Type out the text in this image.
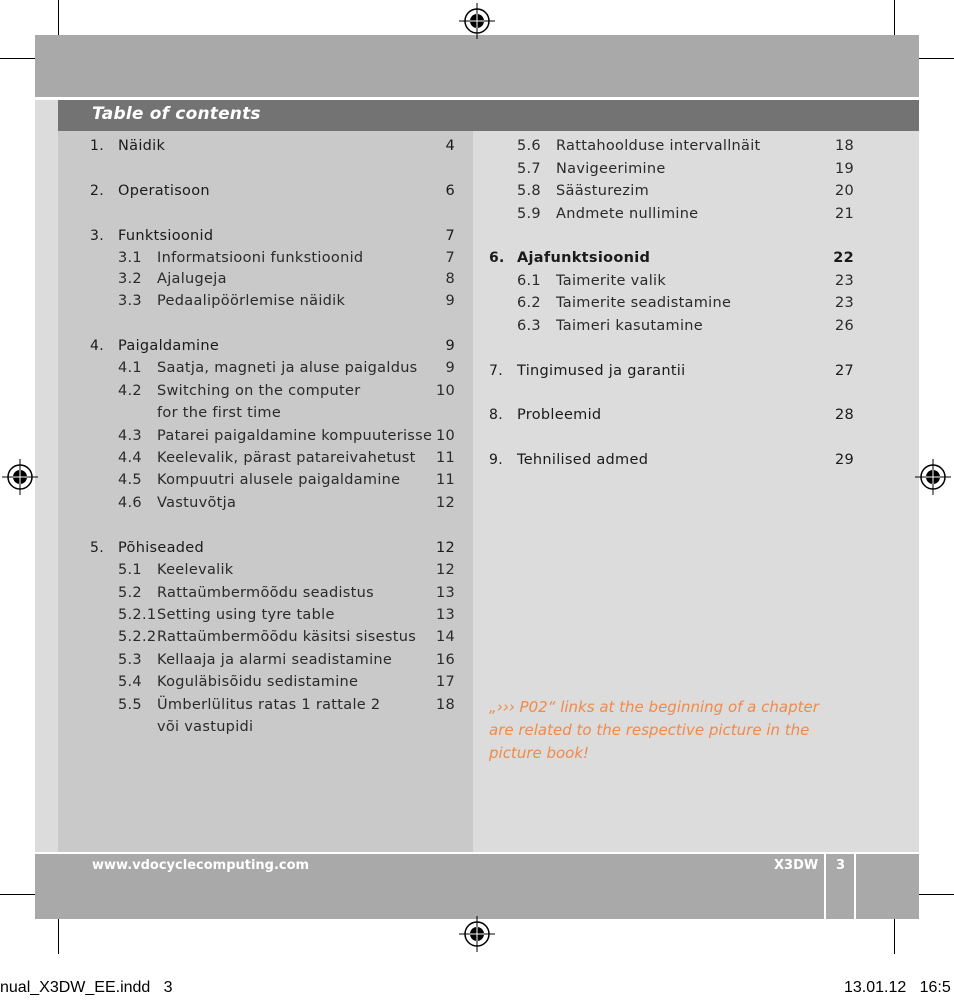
Table of contents
1. Näidik	4
2. Operatisoon	6
3. Funktsioonid	7
3.1 Informatsiooni funkstioonid	7
3.2 Ajalugeja	8
3.3 Pedaalipöörlemise näidik	9
4. Paigaldamine	9
4.1 Saatja, magneti ja aluse paigaldus	9
4.2 Switching on the computer	10
for the first time
4.3 Patarei paigaldamine kompuuterisse 10
4.4 Keelevalik, pärast patareivahetust	11
4.5 Kompuutri alusele paigaldamine	11
4.6 Vastuvõtja	12
5. Põhiseaded	12
5.1 Keelevalik	12
5.2 Rattaümbermõõdu seadistus	13
5.2.1 Setting using tyre table	13
5.2.2 Rattaümbermõõdu käsitsi sisestus	14
5.3 Kellaaja ja alarmi seadistamine	16
5.4 Koguläbisõidu sedistamine	17
5.5 Ümberlülitus ratas 1 rattale 2	18
või vastupidi
5.6 Rattahoolduse intervallnäit	18
5.7 Navigeerimine	19
5.8 Säästurezim	20
5.9 Andmete nullimine	21
6. Ajafunktsioonid	22
6.1 Taimerite valik	23
6.2 Taimerite seadistamine	23
6.3 Taimeri kasutamine	26
7. Tingimused ja garantii	27
8. Probleemid	28
9. Tehnilised admed	29
„››› P02“ links at the beginning of a chapter
are related to the respective picture in the
picture book!
www.vdocyclecomputing.com	X3DW 3
nual_X3DW_EE.indd   3	13.01.12   16:5
